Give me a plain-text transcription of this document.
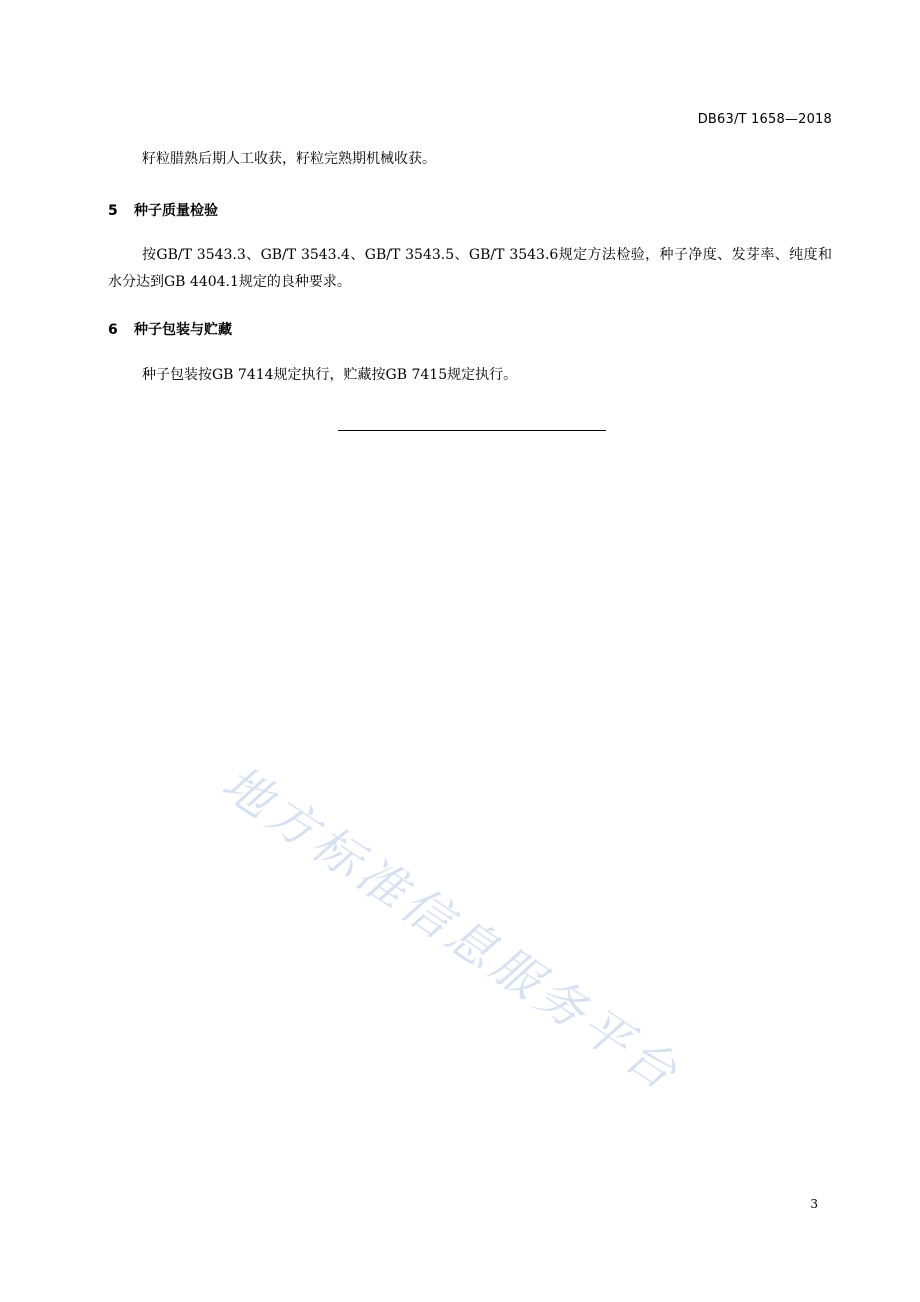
DB63/T 1658—2018

籽粒腊熟后期人工收获，籽粒完熟期机械收获。

5 种子质量检验

按GB/T 3543.3、GB/T 3543.4、GB/T 3543.5、GB/T 3543.6规定方法检验，种子净度、发芽率、纯度和水分达到GB 4404.1规定的良种要求。

6 种子包装与贮藏

种子包装按GB 7414规定执行，贮藏按GB 7415规定执行。

地方标准信息服务平台
3
